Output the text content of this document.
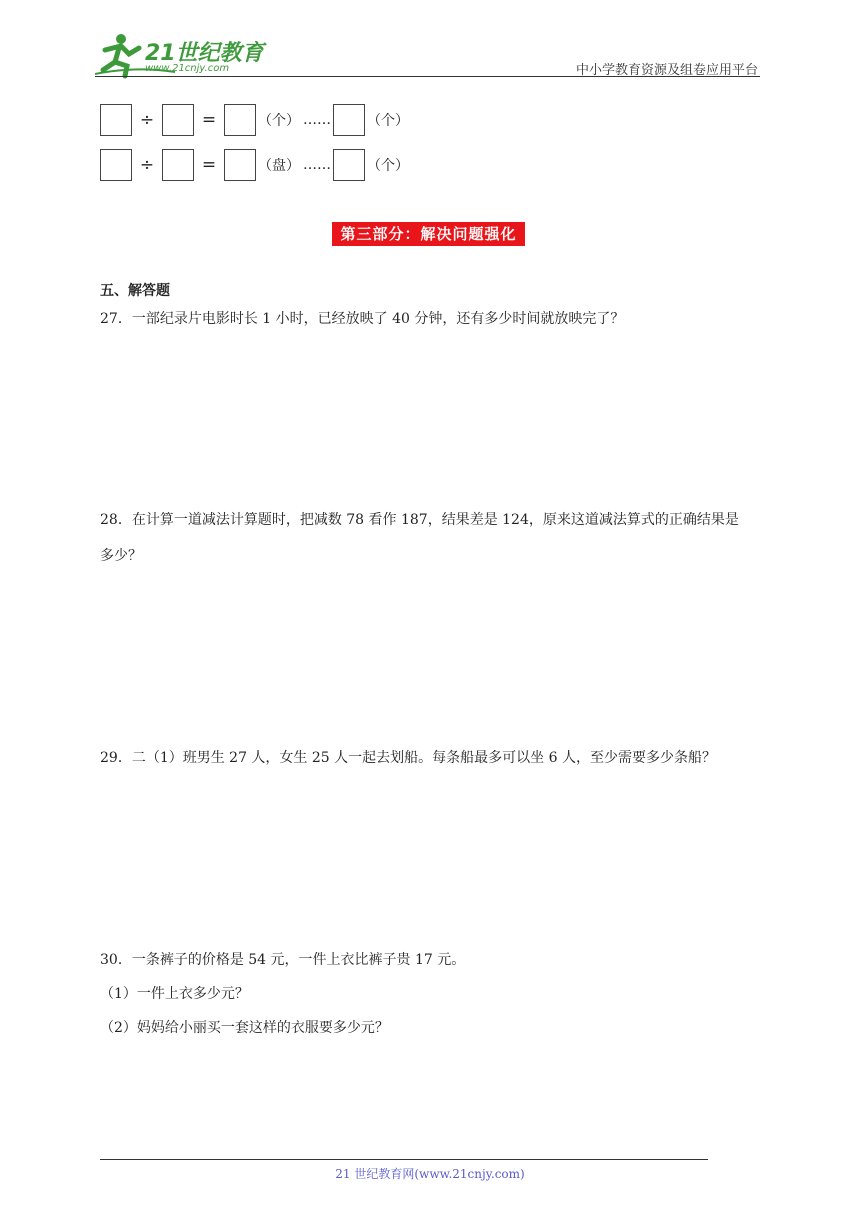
21世纪教育
www.21cnjy.com	中小学教育资源及组卷应用平台
÷	=	（个） ……	（个）
÷	=	（盘） ……	（个）
第三部分：解决问题强化
五、解答题
27．一部纪录片电影时长 1 小时，已经放映了 40 分钟，还有多少时间就放映完了？
28．在计算一道减法计算题时，把减数 78 看作 187，结果差是 124，原来这道减法算式的正确结果是
多少？
29．二（1）班男生 27 人，女生 25 人一起去划船。每条船最多可以坐 6 人，至少需要多少条船？
30．一条裤子的价格是 54 元，一件上衣比裤子贵 17 元。
（1）一件上衣多少元？
（2）妈妈给小丽买一套这样的衣服要多少元？
21 世纪教育网(www.21cnjy.com)
